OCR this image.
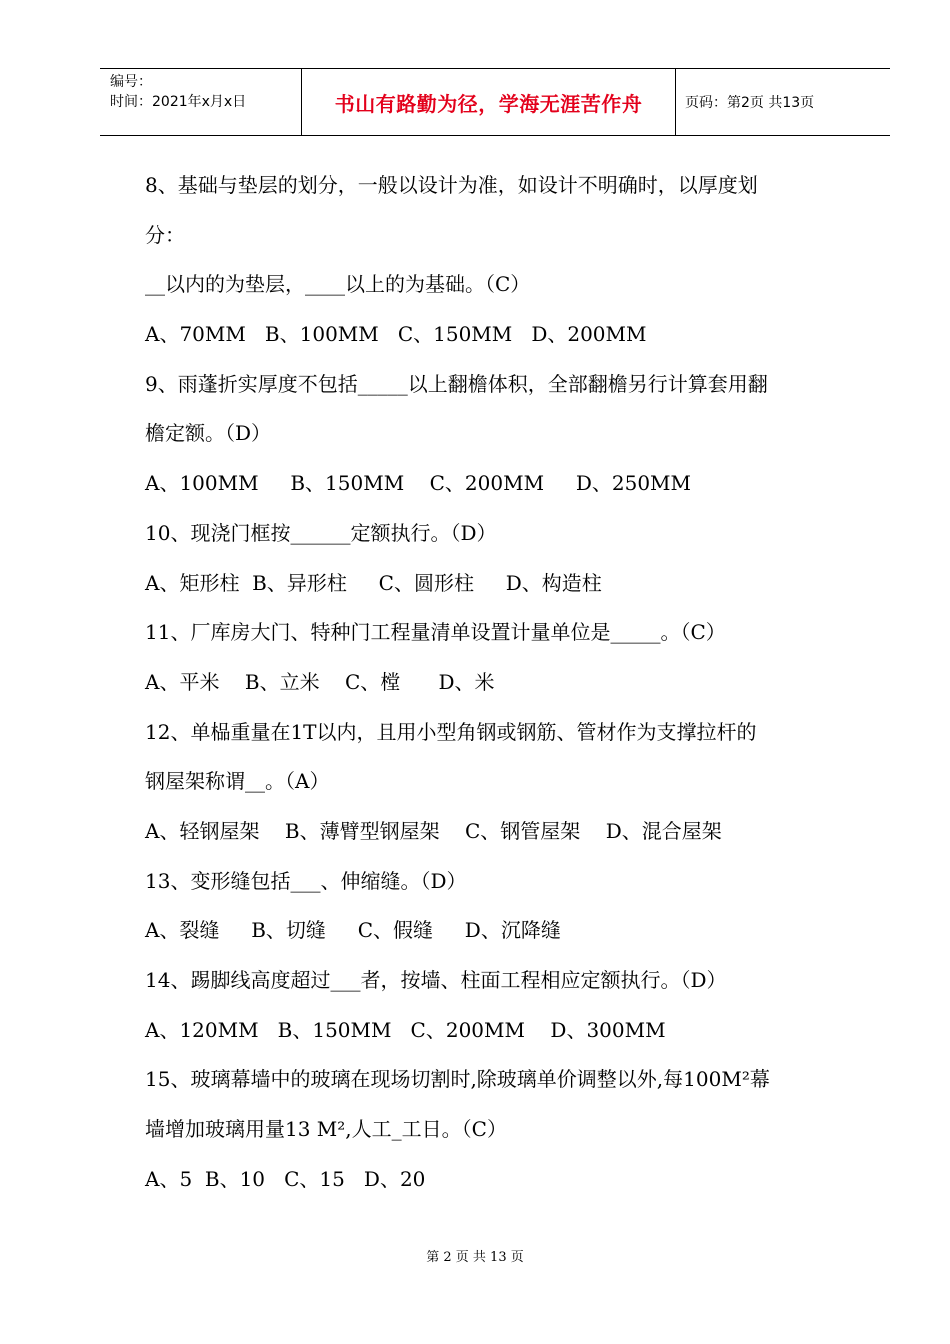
编号：
时间：2021年x月x日	书山有路勤为径，学海无涯苦作舟	页码：第2页 共13页
8、基础与垫层的划分，一般以设计为准，如设计不明确时，以厚度划
分：
__以内的为垫层，____以上的为基础。（C）
A、70MM   B、100MM   C、150MM   D、200MM
9、雨蓬折实厚度不包括_____以上翻檐体积，全部翻檐另行计算套用翻
檐定额。（D）
A、100MM     B、150MM    C、200MM     D、250MM
10、现浇门框按______定额执行。（D）
A、矩形柱  B、异形柱     C、圆形柱     D、构造柱
11、厂库房大门、特种门工程量清单设置计量单位是_____。（C）
A、平米    B、立米    C、樘      D、米
12、单榀重量在1T以内，且用小型角钢或钢筋、管材作为支撑拉杆的
钢屋架称谓__。（A）
A、轻钢屋架    B、薄臂型钢屋架    C、钢管屋架    D、混合屋架
13、变形缝包括___、伸缩缝。（D）
A、裂缝     B、切缝     C、假缝     D、沉降缝
14、踢脚线高度超过___者，按墙、柱面工程相应定额执行。（D）
A、120MM   B、150MM   C、200MM    D、300MM
15、玻璃幕墙中的玻璃在现场切割时,除玻璃单价调整以外,每100M²幕
墙增加玻璃用量13 M²,人工_工日。（C）
A、5  B、10   C、15   D、20
第 2 页 共 13 页
